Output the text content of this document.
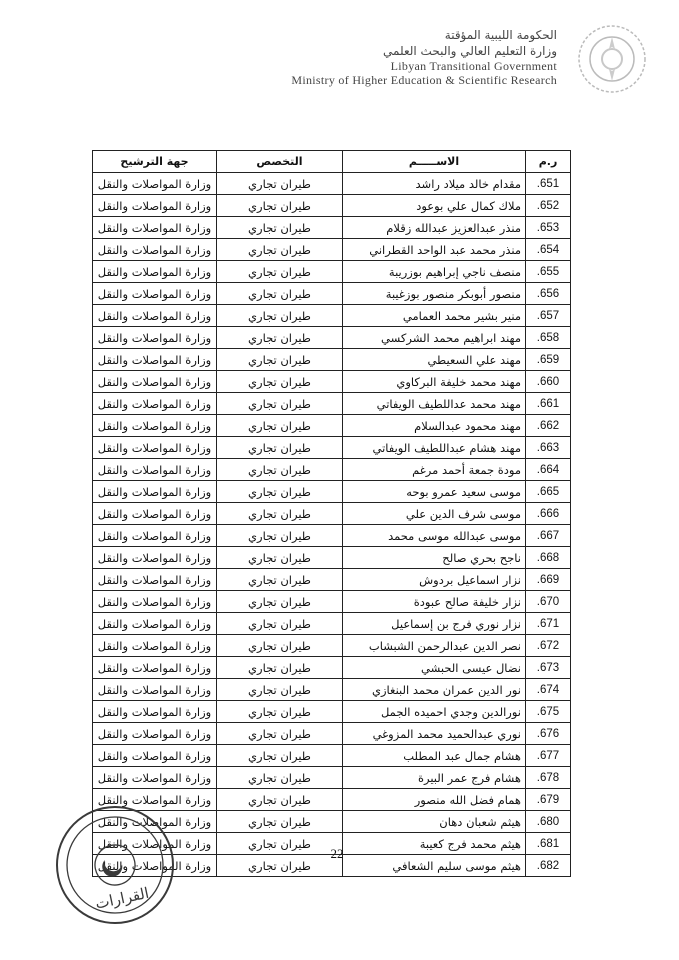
الحكومة الليبية المؤقتة
وزارة التعليم العالي والبحث العلمي
Libyan Transitional Government
Ministry of Higher Education & Scientific Research
ر.م	الاســـــم	التخصص	جهة الترشيح
651.	مقدام خالد ميلاد راشد	طيران تجاري	وزارة المواصلات والنقل
652.	ملاك كمال علي بوعود	طيران تجاري	وزارة المواصلات والنقل
653.	منذر عبدالعزيز عبدالله زقلام	طيران تجاري	وزارة المواصلات والنقل
654.	منذر محمد عبد الواحد القطراني	طيران تجاري	وزارة المواصلات والنقل
655.	منصف ناجي إبراهيم بوزريبة	طيران تجاري	وزارة المواصلات والنقل
656.	منصور أبوبكر منصور بوزغيبة	طيران تجاري	وزارة المواصلات والنقل
657.	منير بشير محمد العمامي	طيران تجاري	وزارة المواصلات والنقل
658.	مهند ابراهيم محمد الشركسي	طيران تجاري	وزارة المواصلات والنقل
659.	مهند علي السعيطي	طيران تجاري	وزارة المواصلات والنقل
660.	مهند محمد خليفة البركاوي	طيران تجاري	وزارة المواصلات والنقل
661.	مهند محمد عداللطيف الويفاتي	طيران تجاري	وزارة المواصلات والنقل
662.	مهند محمود عبدالسلام	طيران تجاري	وزارة المواصلات والنقل
663.	مهند هشام عبداللطيف الويفاتي	طيران تجاري	وزارة المواصلات والنقل
664.	مودة جمعة أحمد مرغم	طيران تجاري	وزارة المواصلات والنقل
665.	موسى سعيد عمرو بوحه	طيران تجاري	وزارة المواصلات والنقل
666.	موسى شرف الدين علي	طيران تجاري	وزارة المواصلات والنقل
667.	موسى عبدالله موسى محمد	طيران تجاري	وزارة المواصلات والنقل
668.	ناجح بحري صالح	طيران تجاري	وزارة المواصلات والنقل
669.	نزار اسماعيل بردوش	طيران تجاري	وزارة المواصلات والنقل
670.	نزار خليفة صالح عبودة	طيران تجاري	وزارة المواصلات والنقل
671.	نزار نوري فرج بن إسماعيل	طيران تجاري	وزارة المواصلات والنقل
672.	نصر الدين عبدالرحمن الشبشاب	طيران تجاري	وزارة المواصلات والنقل
673.	نضال عيسى الحبشي	طيران تجاري	وزارة المواصلات والنقل
674.	نور الدين عمران محمد البنغازي	طيران تجاري	وزارة المواصلات والنقل
675.	نورالدين وجدي احميده الجمل	طيران تجاري	وزارة المواصلات والنقل
676.	نوري عبدالحميد محمد المزوغي	طيران تجاري	وزارة المواصلات والنقل
677.	هشام جمال عبد المطلب	طيران تجاري	وزارة المواصلات والنقل
678.	هشام فرج عمر البيرة	طيران تجاري	وزارة المواصلات والنقل
679.	همام فضل الله منصور	طيران تجاري	وزارة المواصلات والنقل
680.	هيثم شعبان دهان	طيران تجاري	وزارة المواصلات والنقل
681.	هيثم محمد فرج كعيبة	طيران تجاري	وزارة المواصلات والنقل
682.	هيثم موسى سليم الشعافي	طيران تجاري	وزارة المواصلات والنقل
22
القرارات
